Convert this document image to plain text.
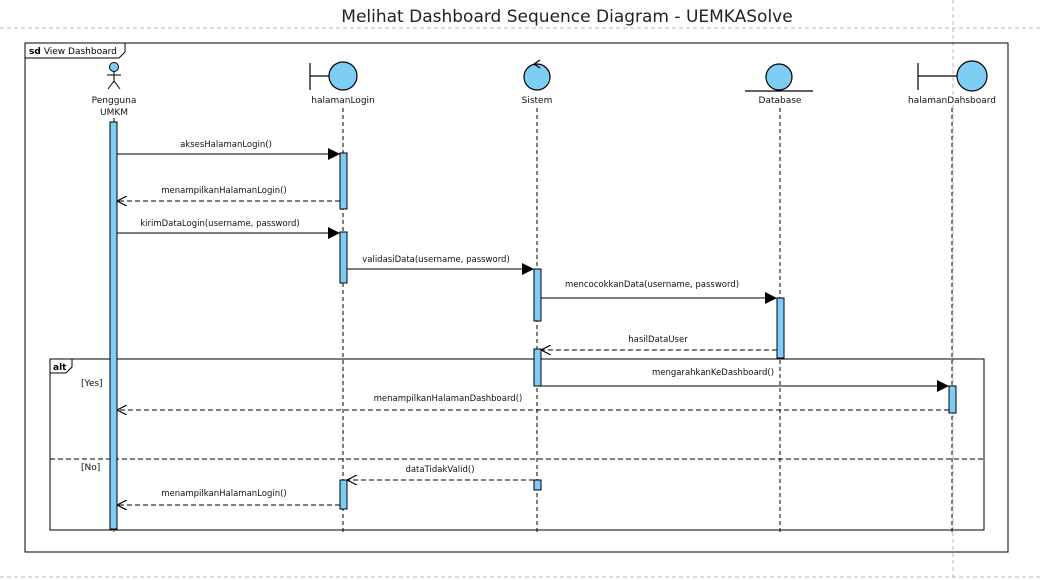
Melihat Dashboard Sequence Diagram - UEMKASolve
sd View Dashboard
alt
[Yes]
[No]
Pengguna
UMKM
halamanLogin	Sistem	Database	halamanDahsboard
aksesHalamanLogin()
menampilkanHalamanLogin()
kirimDataLogin(username, password)
validasiData(username, password)
mencocokkanData(username, password)
hasilDataUser
mengarahkanKeDashboard()
menampilkanHalamanDashboard()
dataTidakValid()
menampilkanHalamanLogin()
